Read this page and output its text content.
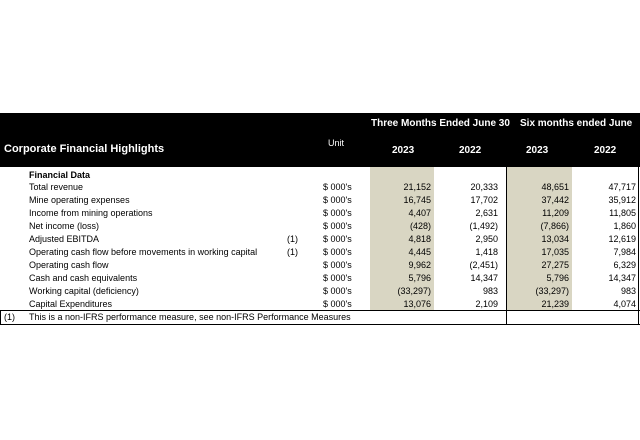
Three Months Ended June 30 Six months ended June
Corporate Financial Highlights	Unit
2023	2022	2023	2022
Financial Data
Total revenue	$ 000's	21,152	20,333	48,651	47,717
Mine operating expenses	$ 000's	16,745	17,702	37,442	35,912
Income from mining operations	$ 000's	4,407	2,631	11,209	11,805
Net income (loss)	$ 000's	(428)	(1,492)	(7,866)	1,860
Adjusted EBITDA	(1)	$ 000's	4,818	2,950	13,034	12,619
Operating cash flow before movements in working capital	(1)	$ 000's	4,445	1,418	17,035	7,984
Operating cash flow	$ 000's	9,962	(2,451)	27,275	6,329
Cash and cash equivalents	$ 000's	5,796	14,347	5,796	14,347
Working capital (deficiency)	$ 000's	(33,297)	983	(33,297)	983
Capital Expenditures	$ 000's	13,076	2,109	21,239	4,074
(1) This is a non-IFRS performance measure, see non-IFRS Performance Measures
